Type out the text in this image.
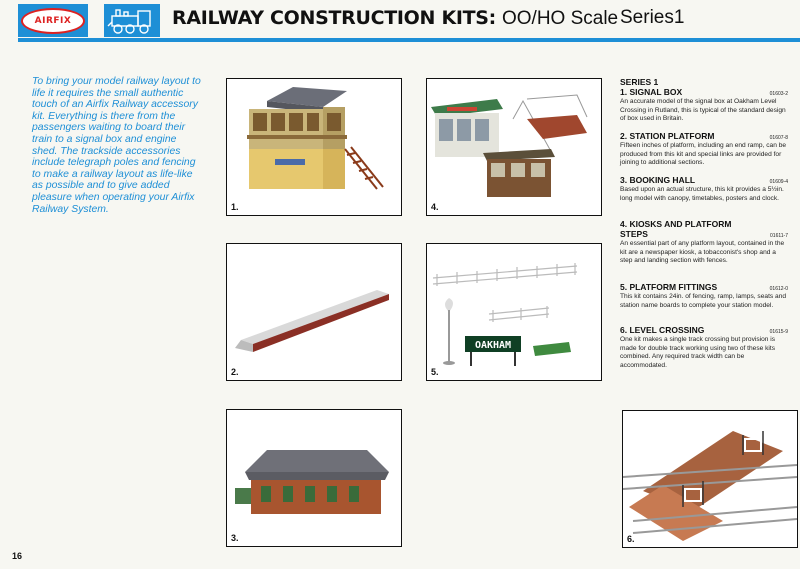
AIRFIX	RAILWAY CONSTRUCTION KITS: OO/HO Scale Series1
To bring your model railway layout to life it requires the small authentic touch of an Airfix Railway accessory kit. Everything is there from the passengers waiting to board their train to a signal box and engine shed. The trackside accessories include telegraph poles and fencing to make a railway layout as life-like as possible and to give added pleasure when operating your Airfix Railway System.	1.
2.
3.
4.
OAKHAM
5.
6.
SERIES 1
1. SIGNAL BOX	01603-2
An accurate model of the signal box at Oakham Level Crossing in Rutland, this is typical of the standard design of box used in Britain.
2. STATION PLATFORM	01607-8
Fifteen inches of platform, including an end ramp, can be produced from this kit and special links are provided for joining to additional sections.
3. BOOKING HALL	01609-4
Based upon an actual structure, this kit provides a 5½in. long model with canopy, timetables, posters and clock.
4. KIOSKS AND PLATFORM STEPS	01611-7
An essential part of any platform layout, contained in the kit are a newspaper kiosk, a tobacconist's shop and a step and landing section with fences.
5. PLATFORM FITTINGS	01612-0
This kit contains 24in. of fencing, ramp, lamps, seats and station name boards to complete your station model.
6. LEVEL CROSSING	01615-9
One kit makes a single track crossing but provision is made for double track working using two of these kits combined. Any required track width can be accommodated.
16
